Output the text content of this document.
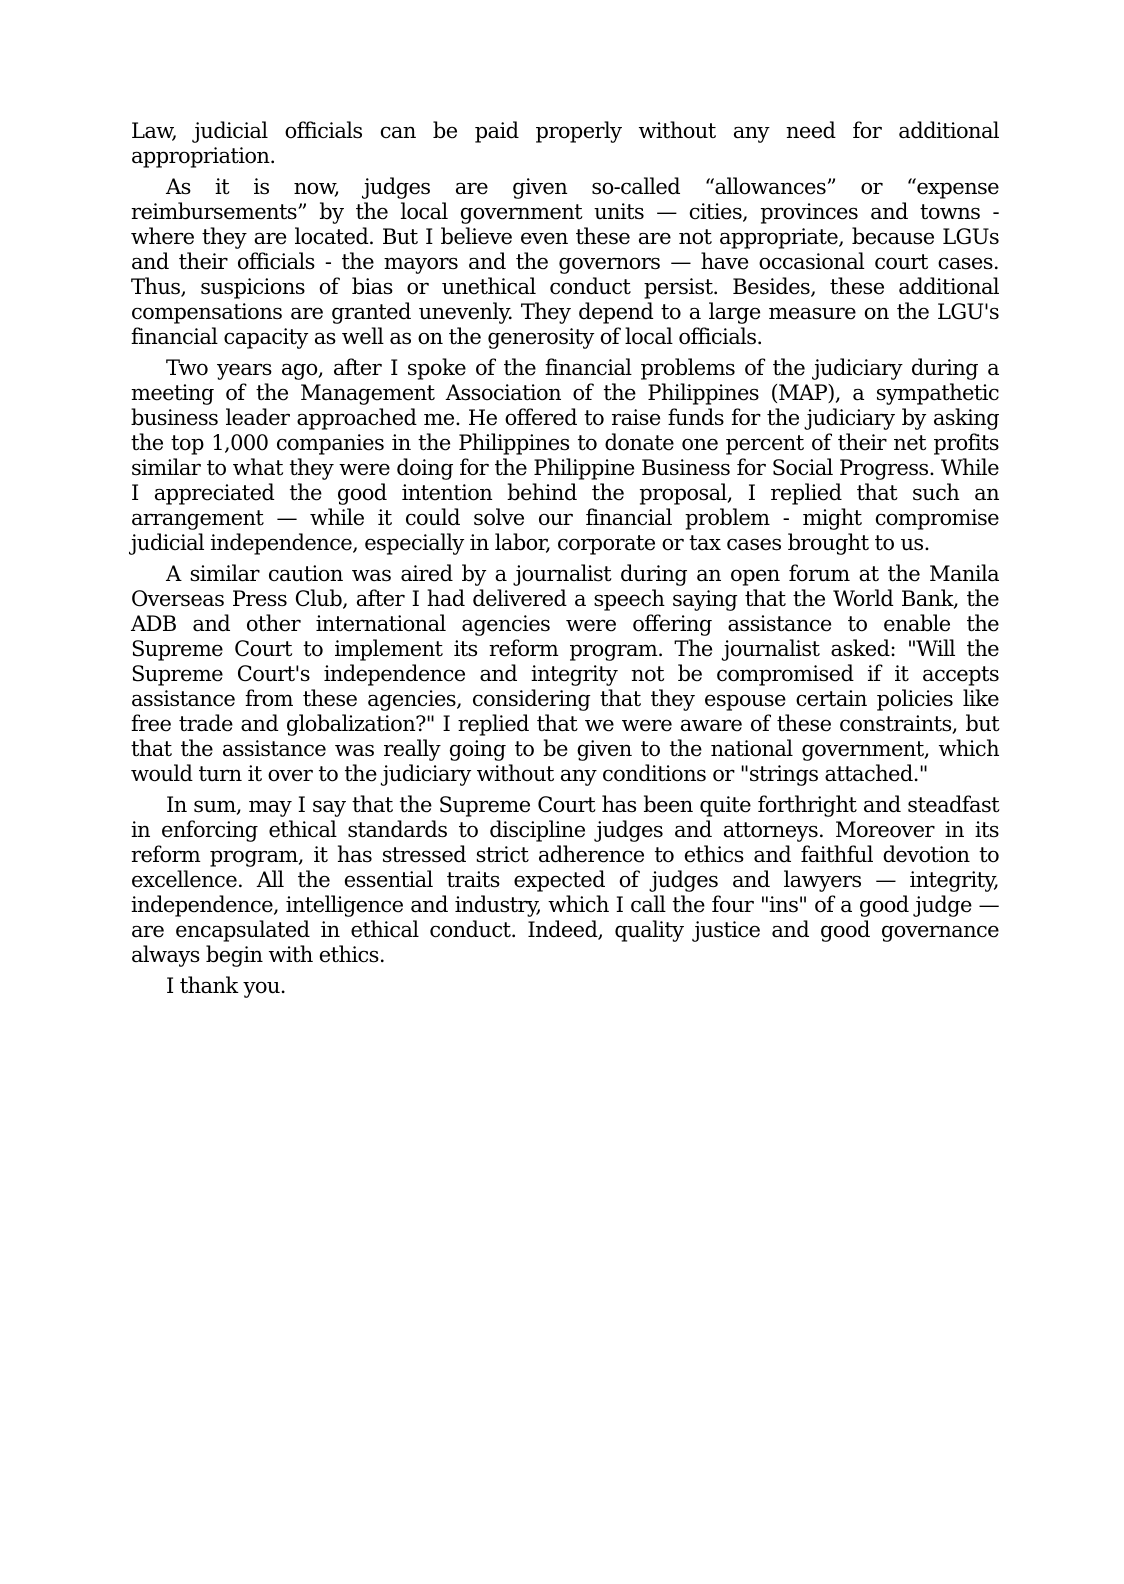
Law, judicial officials can be paid properly without any need for additional appropriation.

As it is now, judges are given so-called “allowances” or “expense reimbursements” by the local government units — cities, provinces and towns - where they are located. But I believe even these are not appropriate, because LGUs and their officials - the mayors and the governors — have occasional court cases. Thus, suspicions of bias or unethical conduct persist. Besides, these additional compensations are granted unevenly. They depend to a large measure on the LGU's financial capacity as well as on the generosity of local officials.

Two years ago, after I spoke of the financial problems of the judiciary during a meeting of the Management Association of the Philippines (MAP), a sympathetic business leader approached me. He offered to raise funds for the judiciary by asking the top 1,000 companies in the Philippines to donate one percent of their net profits similar to what they were doing for the Philippine Business for Social Progress. While I appreciated the good intention behind the proposal, I replied that such an arrangement — while it could solve our financial problem - might compromise judicial independence, especially in labor, corporate or tax cases brought to us.

A similar caution was aired by a journalist during an open forum at the Manila Overseas Press Club, after I had delivered a speech saying that the World Bank, the ADB and other international agencies were offering assistance to enable the Supreme Court to implement its reform program. The journalist asked: "Will the Supreme Court's independence and integrity not be compromised if it accepts assistance from these agencies, considering that they espouse certain policies like free trade and globalization?" I replied that we were aware of these constraints, but that the assistance was really going to be given to the national government, which would turn it over to the judiciary without any conditions or "strings attached."

In sum, may I say that the Supreme Court has been quite forthright and steadfast in enforcing ethical standards to discipline judges and attorneys. Moreover in its reform program, it has stressed strict adherence to ethics and faithful devotion to excellence. All the essential traits expected of judges and lawyers — integrity, independence, intelligence and industry, which I call the four "ins" of a good judge — are encapsulated in ethical conduct. Indeed, quality justice and good governance always begin with ethics.

I thank you.
